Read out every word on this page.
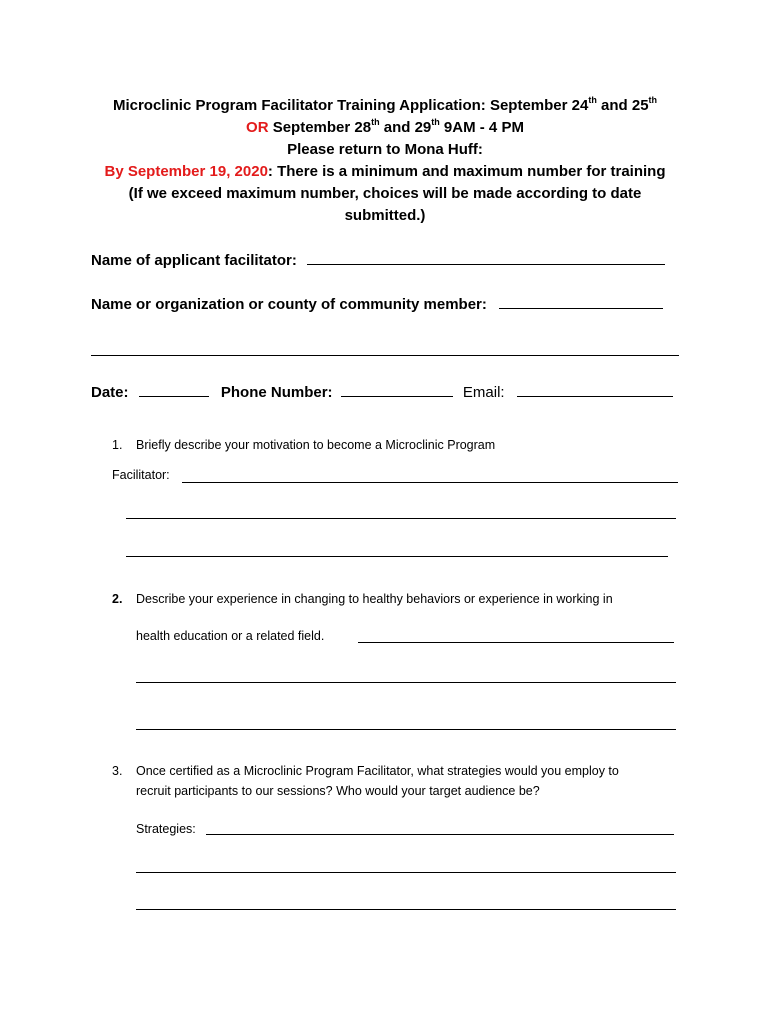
Microclinic Program Facilitator Training Application: September 24th and 25th
OR September 28th and 29th 9AM - 4 PM
Please return to Mona Huff:
By September 19, 2020: There is a minimum and maximum number for training
(If we exceed maximum number, choices will be made according to date
submitted.)
Name of applicant facilitator:
Name or organization or county of community member:
Date:	Phone Number:	Email:
1. Briefly describe your motivation to become a Microclinic Program
Facilitator:
2. Describe your experience in changing to healthy behaviors or experience in working in
health education or a related field.
3. Once certified as a Microclinic Program Facilitator, what strategies would you employ to
recruit participants to our sessions? Who would your target audience be?
Strategies:
